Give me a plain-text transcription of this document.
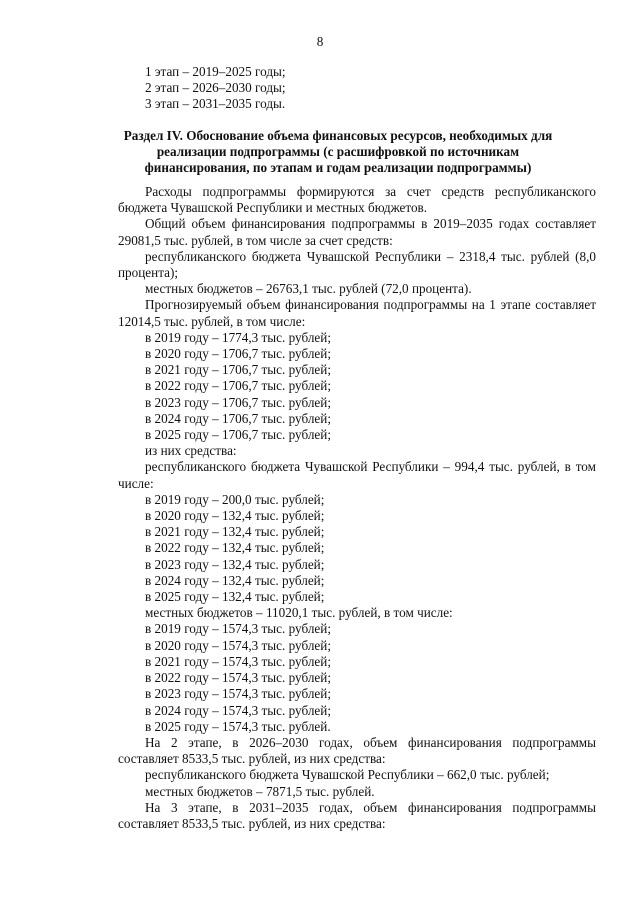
8
1 этап – 2019–2025 годы;
2 этап – 2026–2030 годы;
3 этап – 2031–2035 годы.
Раздел IV. Обоснование объема финансовых ресурсов, необходимых для реализации подпрограммы (с расшифровкой по источникам финансирования, по этапам и годам реализации подпрограммы)
Расходы подпрограммы формируются за счет средств республиканского бюджета Чувашской Республики и местных бюджетов.
Общий объем финансирования подпрограммы в 2019–2035 годах составляет 29081,5 тыс. рублей, в том числе за счет средств:
республиканского бюджета Чувашской Республики – 2318,4 тыс. рублей (8,0 процента);
местных бюджетов – 26763,1 тыс. рублей (72,0 процента).
Прогнозируемый объем финансирования подпрограммы на 1 этапе составляет 12014,5 тыс. рублей, в том числе:
в 2019 году – 1774,3 тыс. рублей;
в 2020 году – 1706,7 тыс. рублей;
в 2021 году – 1706,7 тыс. рублей;
в 2022 году – 1706,7 тыс. рублей;
в 2023 году – 1706,7 тыс. рублей;
в 2024 году – 1706,7 тыс. рублей;
в 2025 году – 1706,7 тыс. рублей;
из них средства:
республиканского бюджета Чувашской Республики – 994,4 тыс. рублей, в том числе:
в 2019 году – 200,0 тыс. рублей;
в 2020 году – 132,4 тыс. рублей;
в 2021 году – 132,4 тыс. рублей;
в 2022 году – 132,4 тыс. рублей;
в 2023 году – 132,4 тыс. рублей;
в 2024 году – 132,4 тыс. рублей;
в 2025 году – 132,4 тыс. рублей;
местных бюджетов – 11020,1 тыс. рублей, в том числе:
в 2019 году – 1574,3 тыс. рублей;
в 2020 году – 1574,3 тыс. рублей;
в 2021 году – 1574,3 тыс. рублей;
в 2022 году – 1574,3 тыс. рублей;
в 2023 году – 1574,3 тыс. рублей;
в 2024 году – 1574,3 тыс. рублей;
в 2025 году – 1574,3 тыс. рублей.
На 2 этапе, в 2026–2030 годах, объем финансирования подпрограммы составляет 8533,5 тыс. рублей, из них средства:
республиканского бюджета Чувашской Республики – 662,0 тыс. рублей;
местных бюджетов – 7871,5 тыс. рублей.
На 3 этапе, в 2031–2035 годах, объем финансирования подпрограммы составляет 8533,5 тыс. рублей, из них средства:
